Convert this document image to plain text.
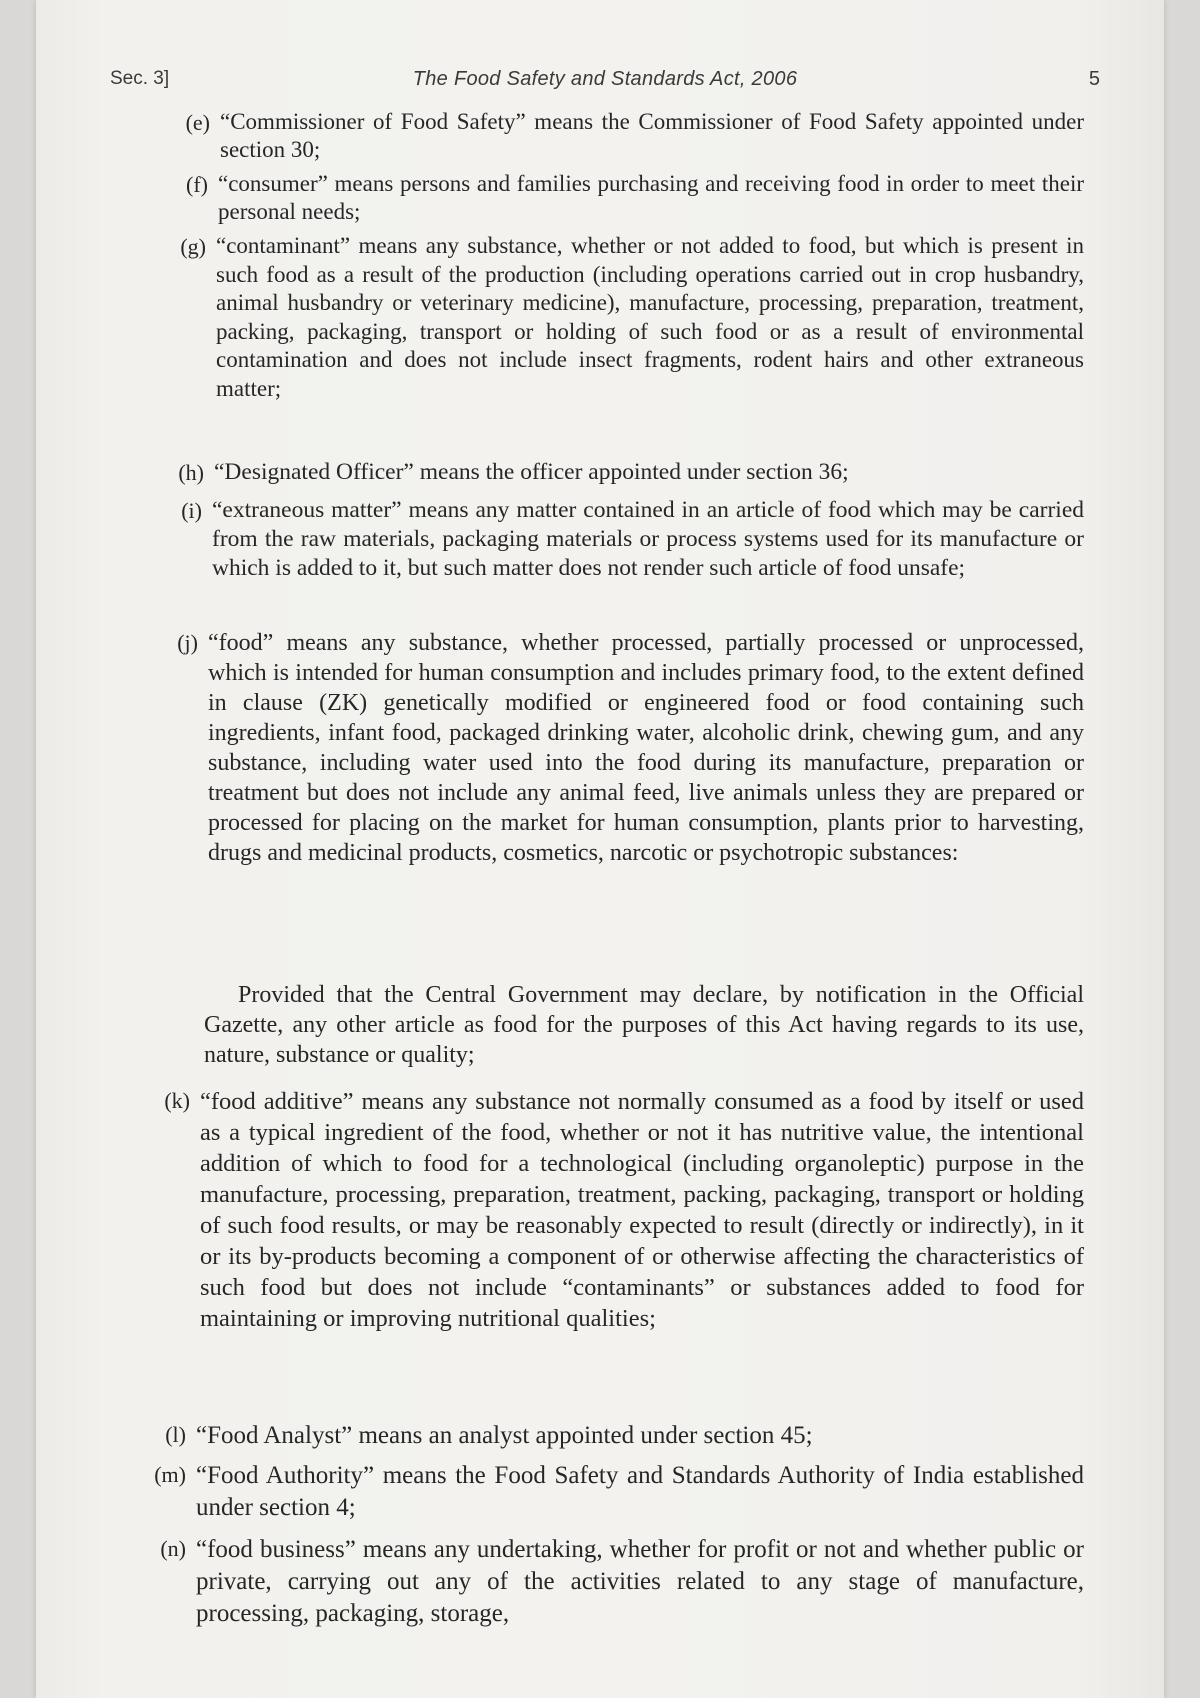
Sec. 3]	The Food Safety and Standards Act, 2006	5
(e) “Commissioner of Food Safety” means the Commissioner of Food Safety appointed under section 30;
(f) “consumer” means persons and families purchasing and receiving food in order to meet their personal needs;
(g) “contaminant” means any substance, whether or not added to food, but which is present in such food as a result of the production (including operations carried out in crop husbandry, animal husbandry or veterinary medicine), manufacture, processing, preparation, treatment, packing, packaging, transport or holding of such food or as a result of environmental contamination and does not include insect fragments, rodent hairs and other extraneous matter;
(h) “Designated Officer” means the officer appointed under section 36;
(i) “extraneous matter” means any matter contained in an article of food which may be carried from the raw materials, packaging materials or process systems used for its manufacture or which is added to it, but such matter does not render such article of food unsafe;
(j) “food” means any substance, whether processed, partially processed or unprocessed, which is intended for human consumption and includes primary food, to the extent defined in clause (ZK) genetically modified or engineered food or food containing such ingredients, infant food, packaged drinking water, alcoholic drink, chewing gum, and any substance, including water used into the food during its manufacture, preparation or treatment but does not include any animal feed, live animals unless they are prepared or processed for placing on the market for human consumption, plants prior to harvesting, drugs and medicinal products, cosmetics, narcotic or psychotropic substances:
Provided that the Central Government may declare, by notification in the Official Gazette, any other article as food for the purposes of this Act having regards to its use, nature, substance or quality;
(k) “food additive” means any substance not normally consumed as a food by itself or used as a typical ingredient of the food, whether or not it has nutritive value, the intentional addition of which to food for a technological (including organoleptic) purpose in the manufacture, processing, preparation, treatment, packing, packaging, transport or holding of such food results, or may be reasonably expected to result (directly or indirectly), in it or its by-products becoming a component of or otherwise affecting the characteristics of such food but does not include “contaminants” or substances added to food for maintaining or improving nutritional qualities;
(l) “Food Analyst” means an analyst appointed under section 45;
(m) “Food Authority” means the Food Safety and Standards Authority of India established under section 4;
(n) “food business” means any undertaking, whether for profit or not and whether public or private, carrying out any of the activities related to any stage of manufacture, processing, packaging, storage,
